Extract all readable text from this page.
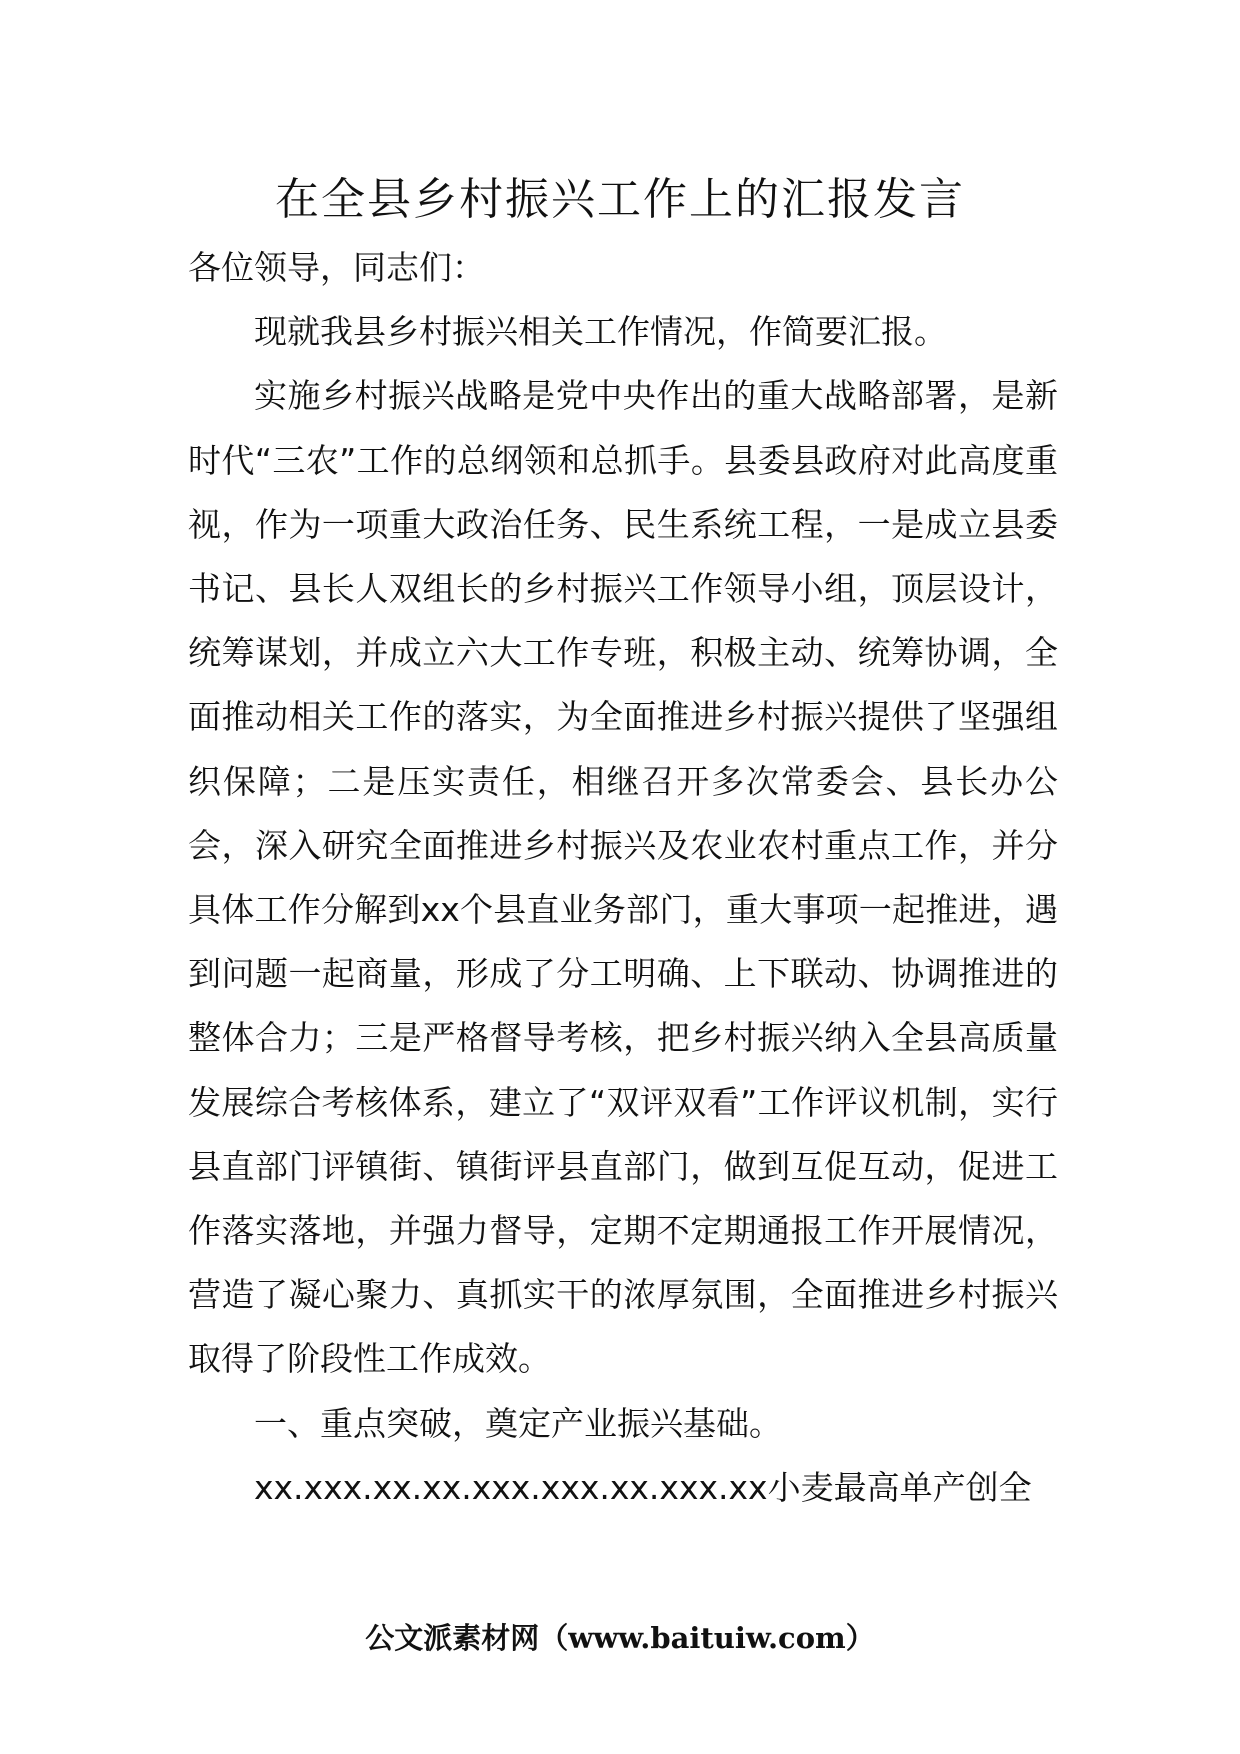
在全县乡村振兴工作上的汇报发言

各位领导，同志们：

现就我县乡村振兴相关工作情况，作简要汇报。

实施乡村振兴战略是党中央作出的重大战略部署，是新时代“三农”工作的总纲领和总抓手。县委县政府对此高度重视，作为一项重大政治任务、民生系统工程，一是成立县委书记、县长人双组长的乡村振兴工作领导小组，顶层设计，统筹谋划，并成立六大工作专班，积极主动、统筹协调，全面推动相关工作的落实，为全面推进乡村振兴提供了坚强组织保障；二是压实责任，相继召开多次常委会、县长办公会，深入研究全面推进乡村振兴及农业农村重点工作，并分具体工作分解到xx个县直业务部门，重大事项一起推进，遇到问题一起商量，形成了分工明确、上下联动、协调推进的整体合力；三是严格督导考核，把乡村振兴纳入全县高质量发展综合考核体系，建立了“双评双看”工作评议机制，实行县直部门评镇街、镇街评县直部门，做到互促互动，促进工作落实落地，并强力督导，定期不定期通报工作开展情况，营造了凝心聚力、真抓实干的浓厚氛围，全面推进乡村振兴取得了阶段性工作成效。

一、重点突破，奠定产业振兴基础。

xx.xxx.xx.xx.xxx.xxx.xx.xxx.xx小麦最高单产创全

公文派素材网（www.baituiw.com）
